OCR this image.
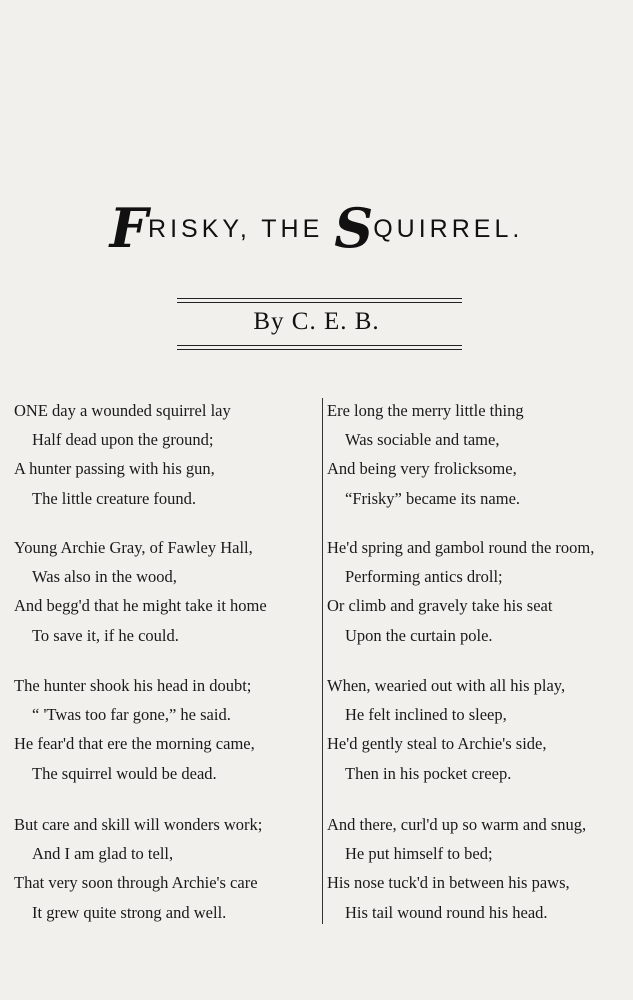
FRISKY, THE SQUIRREL.
By C. E. B.
ONE day a wounded squirrel lay
Half dead upon the ground;
A hunter passing with his gun,
The little creature found.
Young Archie Gray, of Fawley Hall,
Was also in the wood,
And begg'd that he might take it home
To save it, if he could.
The hunter shook his head in doubt;
“ 'Twas too far gone,” he said.
He fear'd that ere the morning came,
The squirrel would be dead.
But care and skill will wonders work;
And I am glad to tell,
That very soon through Archie's care
It grew quite strong and well.
Ere long the merry little thing
Was sociable and tame,
And being very frolicksome,
“Frisky” became its name.
He'd spring and gambol round the room,
Performing antics droll;
Or climb and gravely take his seat
Upon the curtain pole.
When, wearied out with all his play,
He felt inclined to sleep,
He'd gently steal to Archie's side,
Then in his pocket creep.
And there, curl'd up so warm and snug,
He put himself to bed;
His nose tuck'd in between his paws,
His tail wound round his head.
